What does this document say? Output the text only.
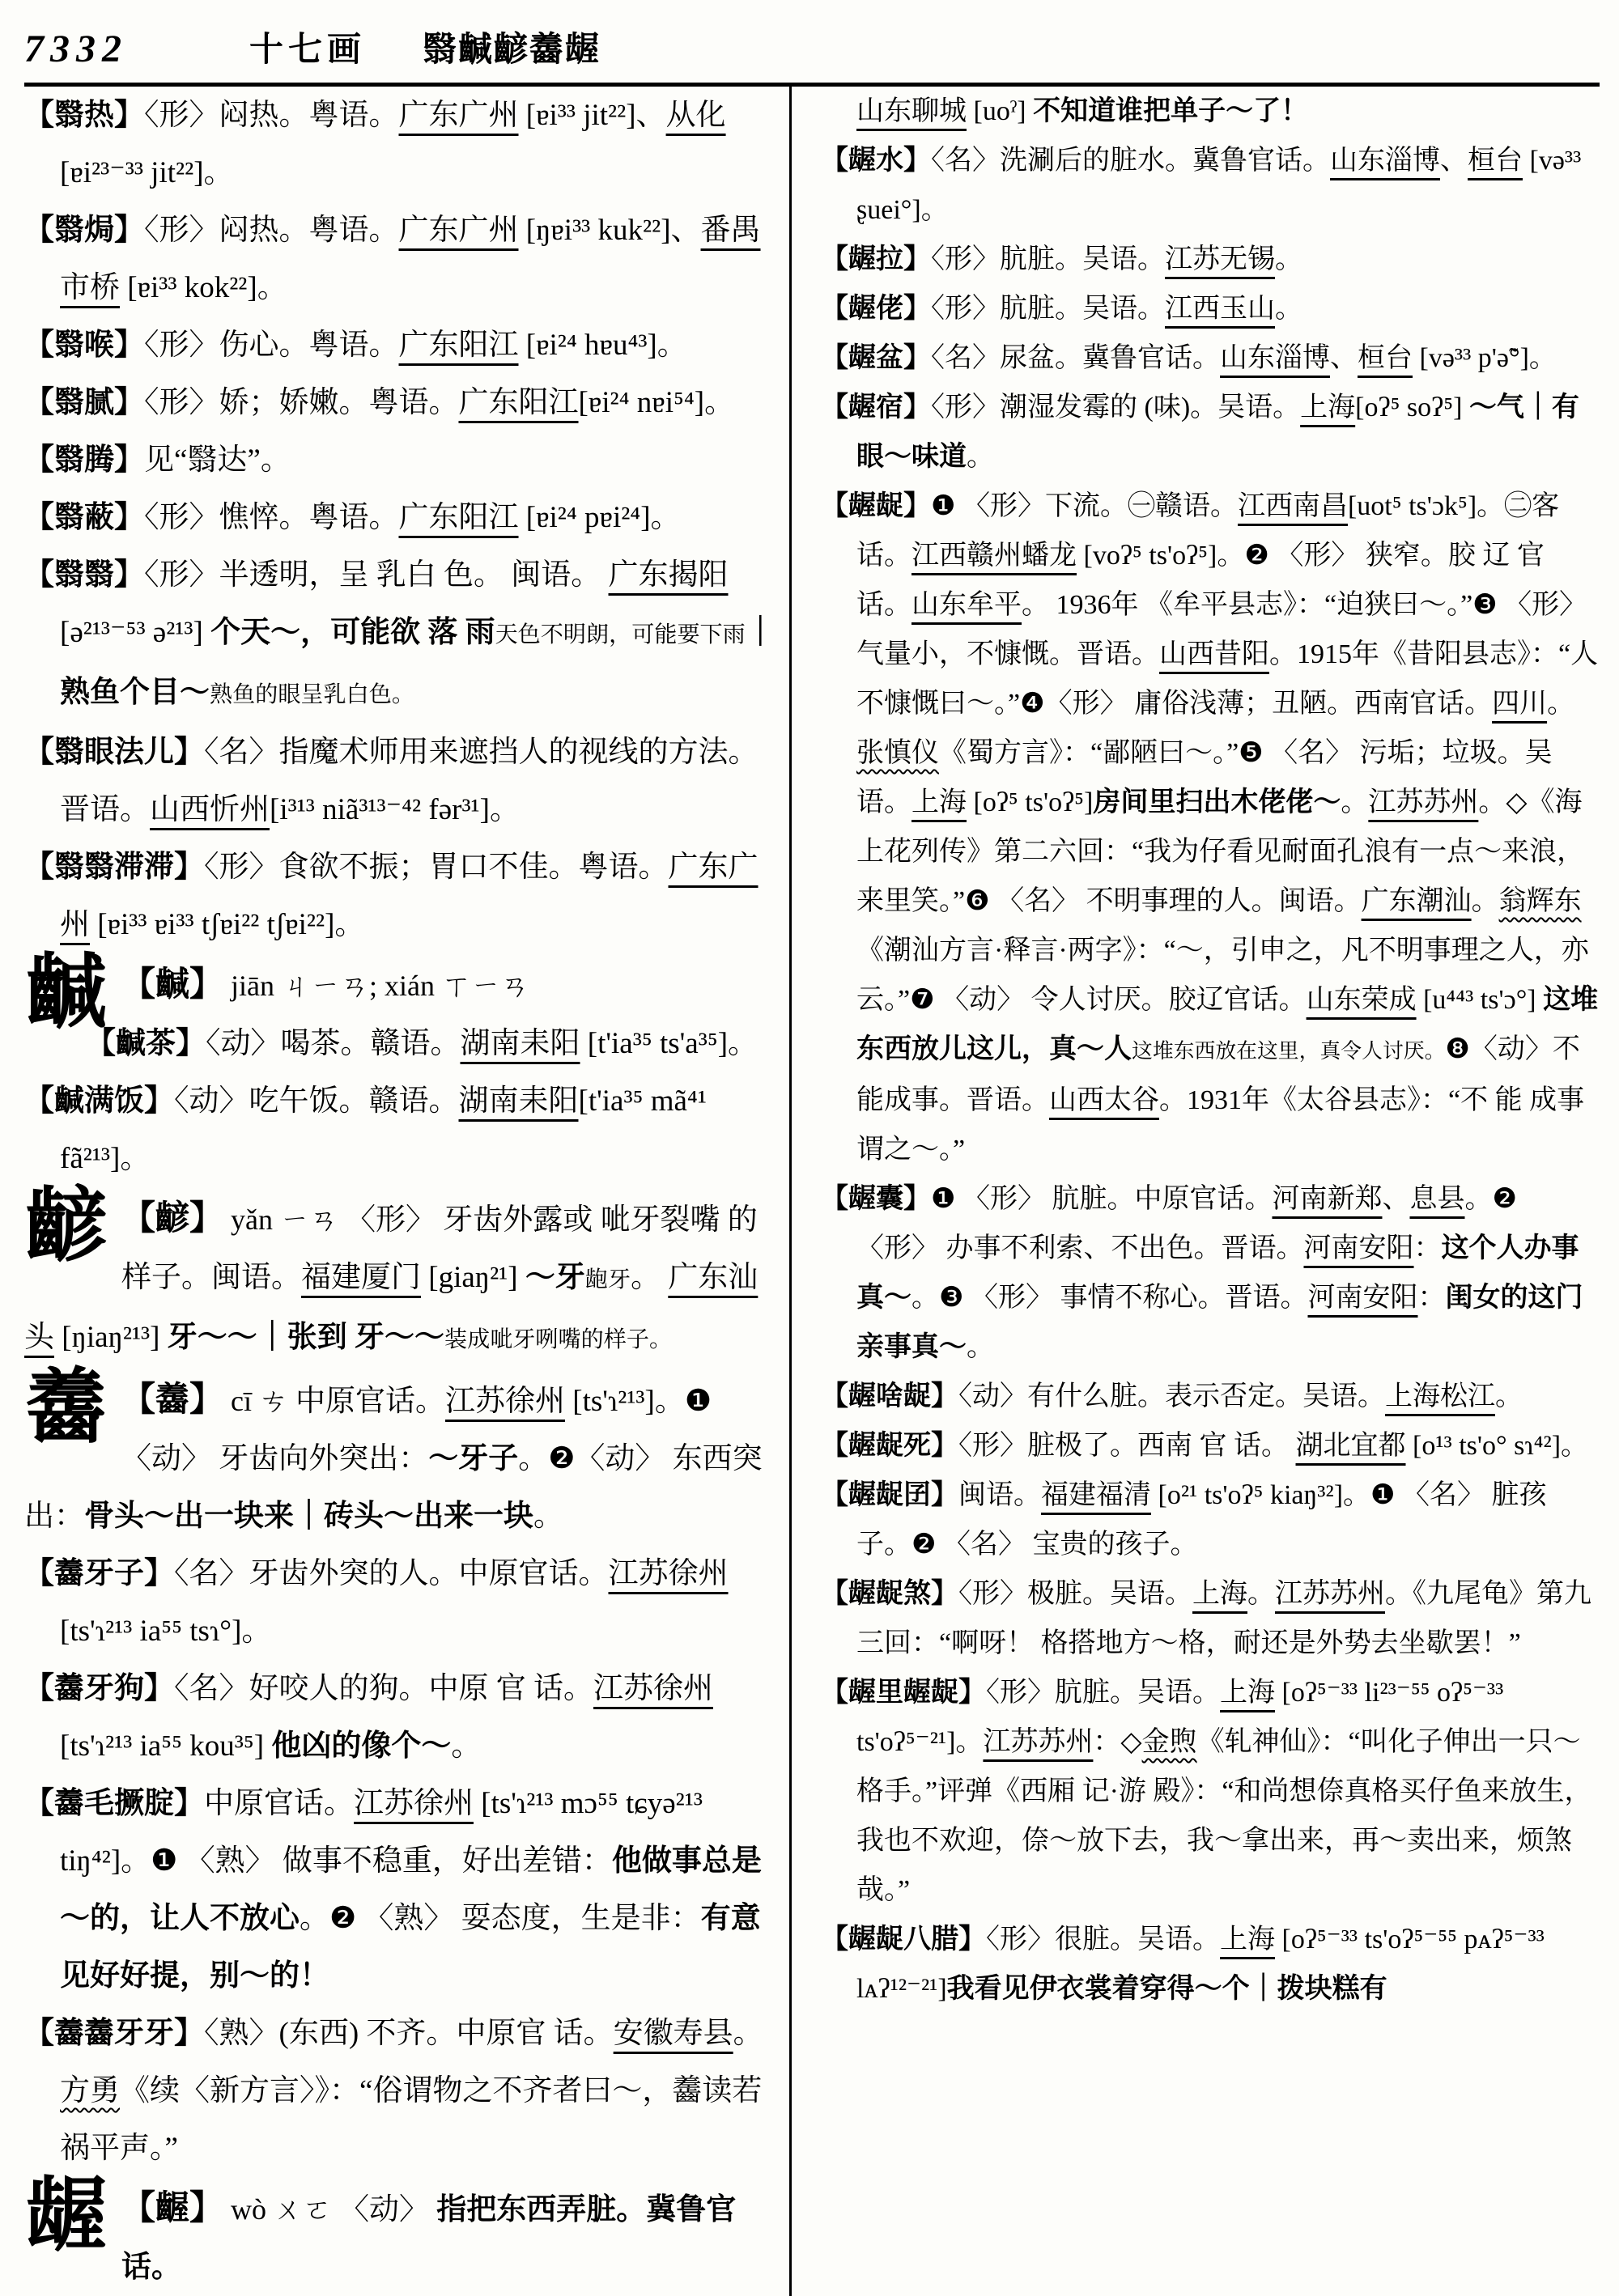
7332	十七画 翳䶢齴齹龌

【翳热】〈形〉闷热。粤语。广东广州 [ɐi³³ jit²²]、从化 [ɐi²³⁻³³ jit²²]。

【翳焗】〈形〉闷热。粤语。广东广州 [ŋɐi³³ kuk²²]、番禺市桥 [ɐi³³ kok²²]。

【翳喉】〈形〉伤心。粤语。广东阳江 [ɐi²⁴ hɐu⁴³]。

【翳腻】〈形〉娇；娇嫩。粤语。广东阳江[ɐi²⁴ nɐi⁵⁴]。

【翳腾】见“翳达”。

【翳蔽】〈形〉憔悴。粤语。广东阳江 [ɐi²⁴ pɐi²⁴]。

【翳翳】〈形〉半透明，呈 乳白 色。 闽语。 广东揭阳 [ə²¹³⁻⁵³ ə²¹³] 个天～，可能欲 落 雨天色不明朗，可能要下雨｜熟鱼个目～熟鱼的眼呈乳白色。

【翳眼法儿】〈名〉指魔术师用来遮挡人的视线的方法。晋语。山西忻州[i³¹³ niã³¹³⁻⁴² fər³¹]。

【翳翳滞滞】〈形〉食欲不振；胃口不佳。粤语。广东广州 [ɐi³³ ɐi³³ tʃɐi²² tʃɐi²²]。

䶢 【䶢】 jiān ㄐㄧㄢ; xián ㄒㄧㄢ

【䶢茶】〈动〉喝茶。赣语。湖南耒阳 [t'ia³⁵ ts'a³⁵]。

【䶢满饭】〈动〉吃午饭。赣语。湖南耒阳[t'ia³⁵ mã⁴¹ fã²¹³]。

齴 【齴】 yǎn ㄧㄢ 〈形〉 牙齿外露或 呲牙裂嘴 的样子。闽语。福建厦门 [giaŋ²¹] ～牙龅牙。 广东汕头 [ŋiaŋ²¹³] 牙～～｜张到 牙～～装成呲牙咧嘴的样子。

齹 【齹】 cī ㄘ 中原官话。江苏徐州 [ts'ɿ²¹³]。❶〈动〉 牙齿向外突出：～牙子。❷〈动〉 东西突出：骨头～出一块来｜砖头～出来一块。

【齹牙子】〈名〉牙齿外突的人。中原官话。江苏徐州 [ts'ɿ²¹³ ia⁵⁵ tsɿ°]。

【齹牙狗】〈名〉好咬人的狗。中原 官 话。江苏徐州 [ts'ɿ²¹³ ia⁵⁵ kou³⁵] 他凶的像个～。

【齹毛撅腚】中原官话。江苏徐州 [ts'ɿ²¹³ mɔ⁵⁵ tɕyə²¹³ tiŋ⁴²]。❶ 〈熟〉 做事不稳重，好出差错：他做事总是～的，让人不放心。❷ 〈熟〉 耍态度，生是非：有意见好好提，别～的！

【齹齹牙牙】〈熟〉(东西) 不齐。中原官 话。安徽寿县。方勇《续〈新方言〉》：“俗谓物之不齐者曰～，齹读若祸平声。”

龌 【齷】 wò ㄨㄛ 〈动〉 指把东西弄脏。冀鲁官话。

山东聊城 [uoˀ] 不知道谁把单子～了！

【龌水】〈名〉洗涮后的脏水。冀鲁官话。山东淄博、桓台 [və³³ ʂuei°]。

【龌拉】〈形〉肮脏。吴语。江苏无锡。

【龌佬】〈形〉肮脏。吴语。江西玉山。

【龌盆】〈名〉尿盆。冀鲁官话。山东淄博、桓台 [və³³ p'ə̃°]。

【龌宿】〈形〉潮湿发霉的 (味)。吴语。上海[oʔ⁵ soʔ⁵] ～气｜有眼～味道。

【龌龊】❶ 〈形〉下流。㊀赣语。江西南昌[uot⁵ ts'ɔk⁵]。㊁客话。江西赣州蟠龙 [voʔ⁵ ts'oʔ⁵]。❷ 〈形〉 狭窄。胶 辽 官 话。山东牟平。 1936年 《牟平县志》：“迫狭曰～。”❸ 〈形〉 气量小，不慷慨。晋语。山西昔阳。1915年《昔阳县志》：“人不慷慨曰～。”❹〈形〉 庸俗浅薄；丑陋。西南官话。四川。张慎仪《蜀方言》：“鄙陋曰～。”❺ 〈名〉 污垢；垃圾。吴语。上海 [oʔ⁵ ts'oʔ⁵]房间里扫出木佬佬～。江苏苏州。◇《海上花列传》第二六回：“我为仔看见耐面孔浪有一点～来浪，来里笑。”❻ 〈名〉 不明事理的人。闽语。广东潮汕。翁辉东《潮汕方言·释言·两字》：“～，引申之，凡不明事理之人，亦云。”❼ 〈动〉 令人讨厌。胶辽官话。山东荣成 [u⁴⁴³ ts'ɔ°] 这堆东西放儿这儿，真～人这堆东西放在这里，真令人讨厌。❽〈动〉不能成事。晋语。山西太谷。1931年《太谷县志》：“不 能 成事谓之～。”

【龌囊】❶ 〈形〉 肮脏。中原官话。河南新郑、息县。❷ 〈形〉 办事不利索、不出色。晋语。河南安阳：这个人办事真～。❸ 〈形〉 事情不称心。晋语。河南安阳：闺女的这门亲事真～。

【龌啥龊】〈动〉有什么脏。表示否定。吴语。上海松江。

【龌龊死】〈形〉脏极了。西南 官 话。 湖北宜都 [o¹³ ts'o° sɿ⁴²]。

【龌龊囝】闽语。福建福清 [o²¹ ts'oʔ⁵ kiaŋ³²]。❶ 〈名〉 脏孩子。❷ 〈名〉 宝贵的孩子。

【龌龊煞】〈形〉极脏。吴语。上海。江苏苏州。《九尾龟》第九三回：“啊呀！ 格搭地方～格，耐还是外势去坐歇罢！”

【龌里龌龊】〈形〉肮脏。吴语。上海 [oʔ⁵⁻³³ li²³⁻⁵⁵ oʔ⁵⁻³³ ts'oʔ⁵⁻²¹]。江苏苏州：◇金煦《轧神仙》：“叫化子伸出一只～格手。”评弹《西厢 记·游 殿》：“和尚想倷真格买仔鱼来放生，我也不欢迎，倷～放下去，我～拿出来，再～卖出来，烦煞哉。”

【龌龊八腊】〈形〉很脏。吴语。上海 [oʔ⁵⁻³³ ts'oʔ⁵⁻⁵⁵ pᴀʔ⁵⁻³³ lᴀʔ¹²⁻²¹]我看见伊衣裳着穿得～个｜拨块糕有
